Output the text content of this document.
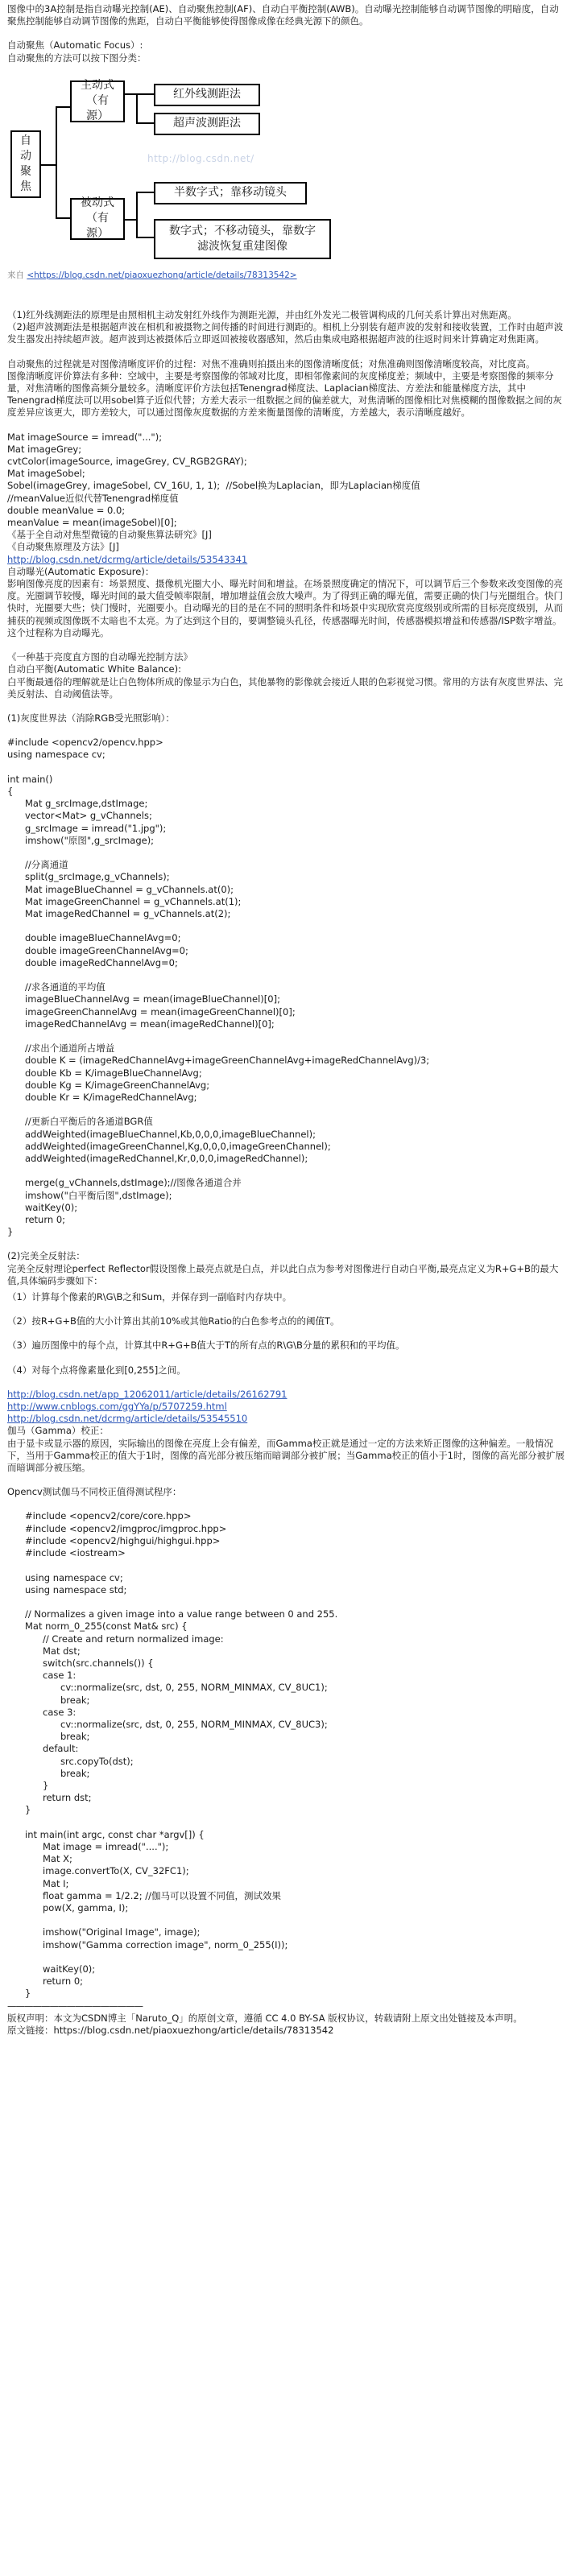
图像中的3A控制是指自动曝光控制(AE)、自动聚焦控制(AF)、自动白平衡控制(AWB)。自动曝光控制能够自动调节图像的明暗度，自动聚焦控制能够自动调节图像的焦距，自动白平衡能够使得图像成像在经典光源下的颜色。

自动聚焦（Automatic Focus）:

自动聚焦的方法可以按下图分类：

自动聚焦
主动式（有源）
红外线测距法
超声波测距法
http://blog.csdn.net/
被动式（有源）
半数字式；靠移动镜头
数字式；不移动镜头，靠数字滤波恢复重建图像

来自 <https://blog.csdn.net/piaoxuezhong/article/details/78313542>

（1)红外线测距法的原理是由照相机主动发射红外线作为测距光源，并由红外发光二极管调构成的几何关系计算出对焦距离。

（2)超声波测距法是根据超声波在相机和被摄物之间传播的时间进行测距的。相机上分别装有超声波的发射和接收装置，工作时由超声波发生器发出持续超声波。超声波到达被摄体后立即返回被接收器感知，然后由集成电路根据超声波的往返时间来计算确定对焦距离。

自动聚焦的过程就是对图像清晰度评价的过程：对焦不准确则拍摄出来的图像清晰度低；对焦准确则图像清晰度较高，对比度高。

图像清晰度评价算法有多种：空域中，主要是考察图像的邻域对比度，即相邻像素间的灰度梯度差；频域中，主要是考察图像的频率分量，对焦清晰的图像高频分量较多。清晰度评价方法包括Tenengrad梯度法、Laplacian梯度法、方差法和能量梯度方法，其中Tenengrad梯度法可以用sobel算子近似代替；方差大表示一组数据之间的偏差就大，对焦清晰的图像相比对焦模糊的图像数据之间的灰度差异应该更大，即方差较大，可以通过图像灰度数据的方差来衡量图像的清晰度，方差越大，表示清晰度越好。

Mat imageSource = imread("...");

Mat imageGrey;

cvtColor(imageSource, imageGrey, CV_RGB2GRAY);

Mat imageSobel;

Sobel(imageGrey, imageSobel, CV_16U, 1, 1);  //Sobel换为Laplacian，即为Laplacian梯度值

//meanValue近似代替Tenengrad梯度值

double meanValue = 0.0;

meanValue = mean(imageSobel)[0];

《基于全自动对焦型微镜的自动聚焦算法研究》[J]

《自动聚焦原理及方法》[J]

http://blog.csdn.net/dcrmg/article/details/53543341

自动曝光(Automatic Exposure)：

影响图像亮度的因素有：场景照度、摄像机光圈大小、曝光时间和增益。在场景照度确定的情况下，可以调节后三个参数来改变图像的亮度。光圈调节较慢，曝光时间的最大值受帧率限制，增加增益值会放大噪声。为了得到正确的曝光值，需要正确的快门与光圈组合。快门快时，光圈要大些；快门慢时，光圈要小。自动曝光的目的是在不同的照明条件和场景中实现欣赏亮度级别或所需的目标亮度级别，从而捕获的视频或图像既不太暗也不太亮。为了达到这个目的，要调整镜头孔径，传感器曝光时间，传感器模拟增益和传感器/ISP数字增益。这个过程称为自动曝光。

《一种基于亮度直方图的自动曝光控制方法》

自动白平衡(Automatic White Balance):

白平衡最通俗的理解就是让白色物体所成的像显示为白色，其他暴物的影像就会接近人眼的色彩视觉习惯。常用的方法有灰度世界法、完美反射法、自动阈值法等。

(1)灰度世界法（消除RGB受光照影响）：

#include <opencv2/opencv.hpp>

using namespace cv;

int main()

{

Mat g_srcImage,dstImage;

vector<Mat> g_vChannels;

g_srcImage = imread("1.jpg");

imshow("原图",g_srcImage);

//分离通道

split(g_srcImage,g_vChannels);

Mat imageBlueChannel = g_vChannels.at(0);

Mat imageGreenChannel = g_vChannels.at(1);

Mat imageRedChannel = g_vChannels.at(2);

double imageBlueChannelAvg=0;

double imageGreenChannelAvg=0;

double imageRedChannelAvg=0;

//求各通道的平均值

imageBlueChannelAvg = mean(imageBlueChannel)[0];

imageGreenChannelAvg = mean(imageGreenChannel)[0];

imageRedChannelAvg = mean(imageRedChannel)[0];

//求出个通道所占增益

double K = (imageRedChannelAvg+imageGreenChannelAvg+imageRedChannelAvg)/3;

double Kb = K/imageBlueChannelAvg;

double Kg = K/imageGreenChannelAvg;

double Kr = K/imageRedChannelAvg;

//更新白平衡后的各通道BGR值

addWeighted(imageBlueChannel,Kb,0,0,0,imageBlueChannel);

addWeighted(imageGreenChannel,Kg,0,0,0,imageGreenChannel);

addWeighted(imageRedChannel,Kr,0,0,0,imageRedChannel);

merge(g_vChannels,dstImage);//图像各通道合并

imshow("白平衡后图",dstImage);

waitKey(0);

return 0;

}

(2)完美全反射法：

完美全反射理论perfect Reflector假设图像上最亮点就是白点，并以此白点为参考对图像进行自动白平衡,最亮点定义为R+G+B的最大值,具体编码步骤如下：

（1）计算每个像素的R\G\B之和Sum，并保存到一副临时内存块中。

（2）按R+G+B值的大小计算出其前10%或其他Ratio的白色参考点的的阈值T。

（3）遍历图像中的每个点，计算其中R+G+B值大于T的所有点的R\G\B分量的累积和的平均值。

（4）对每个点将像素量化到[0,255]之间。

http://blog.csdn.net/app_12062011/article/details/26162791

http://www.cnblogs.com/ggYYa/p/5707259.html

http://blog.csdn.net/dcrmg/article/details/53545510

伽马（Gamma）校正：

由于显卡或显示器的原因，实际输出的图像在亮度上会有偏差，而Gamma校正就是通过一定的方法来矫正图像的这种偏差。一般情况下，当用于Gamma校正的值大于1时，图像的高光部分被压缩而暗调部分被扩展；当Gamma校正的值小于1时，图像的高光部分被扩展而暗调部分被压缩。

Opencv测试伽马不同校正值得测试程序：

#include <opencv2/core/core.hpp>

#include <opencv2/imgproc/imgproc.hpp>

#include <opencv2/highgui/highgui.hpp>

#include <iostream>

using namespace cv;

using namespace std;

// Normalizes a given image into a value range between 0 and 255.

Mat norm_0_255(const Mat& src) {

// Create and return normalized image:

Mat dst;

switch(src.channels()) {

case 1:

cv::normalize(src, dst, 0, 255, NORM_MINMAX, CV_8UC1);

break;

case 3:

cv::normalize(src, dst, 0, 255, NORM_MINMAX, CV_8UC3);

break;

default:

src.copyTo(dst);

break;

}

return dst;

}

int main(int argc, const char *argv[]) {

Mat image = imread("....");

Mat X;

image.convertTo(X, CV_32FC1);

Mat I;

float gamma = 1/2.2; //伽马可以设置不同值，测试效果

pow(X, gamma, I);

imshow("Original Image", image);

imshow("Gamma correction image", norm_0_255(I));

waitKey(0);

return 0;

}

————————————————

版权声明：本文为CSDN博主「Naruto_Q」的原创文章，遵循 CC 4.0 BY-SA 版权协议，转载请附上原文出处链接及本声明。

原文链接：https://blog.csdn.net/piaoxuezhong/article/details/78313542
